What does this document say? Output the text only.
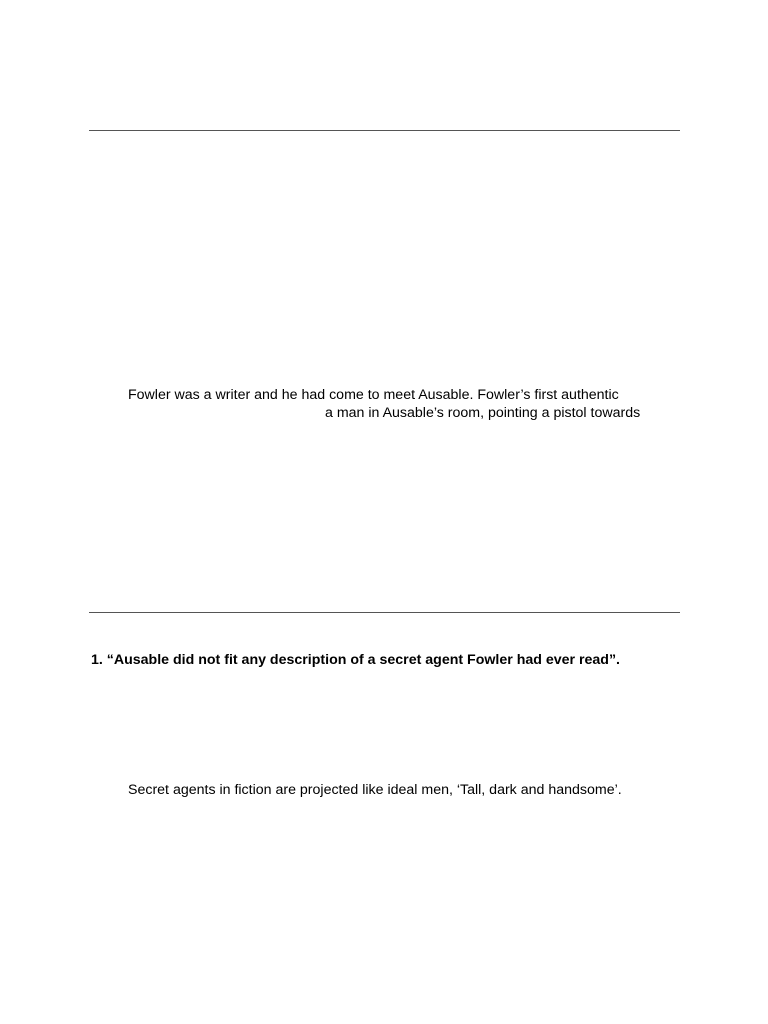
Fowler was a writer and he had come to meet Ausable. Fowler’s first authentic
a man in Ausable’s room, pointing a pistol towards
1. “Ausable did not fit any description of a secret agent Fowler had ever read”.
Secret agents in fiction are projected like ideal men, ‘Tall, dark and handsome’.
